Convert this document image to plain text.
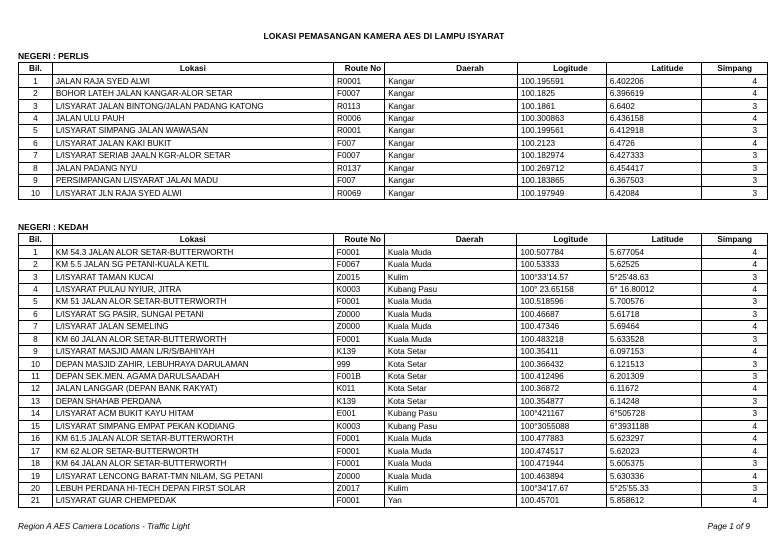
LOKASI PEMASANGAN KAMERA AES DI LAMPU ISYARAT
NEGERI : PERLIS
Bil.	Lokasi	Route No	Daerah	Logitude	Latitude	Simpang
1	JALAN RAJA SYED ALWI	R0001	Kangar	100.195591	6.402206	4
2	BOHOR LATEH JALAN KANGAR-ALOR SETAR	F0007	Kangar	100.1825	6.396619	4
3	L/ISYARAT JALAN BINTONG/JALAN PADANG KATONG	R0113	Kangar	100.1861	6.6402	3
4	JALAN ULU PAUH	R0006	Kangar	100.300863	6.436158	4
5	L/ISYARAT SIMPANG JALAN WAWASAN	R0001	Kangar	100.199561	6.412918	3
6	L/ISYARAT JALAN KAKI BUKIT	F007	Kangar	100.2123	6.4726	4
7	L/ISYARAT SERIAB JAALN KGR-ALOR SETAR	F0007	Kangar	100.182974	6.427333	3
8	JALAN PADANG NYU	R0137	Kangar	100.269712	6.454417	3
9	PERSIMPANGAN L/ISYARAT JALAN MADU	F007	Kangar	100.183865	6.367503	3
10	L/ISYARAT JLN RAJA SYED ALWI	R0069	Kangar	100.197949	6.42084	3
NEGERI : KEDAH
Bil.	Lokasi	Route No	Daerah	Logitude	Latitude	Simpang
1	KM 54.3 JALAN ALOR SETAR-BUTTERWORTH	F0001	Kuala Muda	100.507784	5.677054	4
2	KM 5.5 JALAN SG PETANI-KUALA KETIL	F0067	Kuala Muda	100.53333	5.62525	4
3	L/ISYARAT TAMAN KUCAI	Z0015	Kulim	100°33'14.57	5°25'48.63	3
4	L/ISYARAT PULAU NYIUR, JITRA	K0003	Kubang Pasu	100° 23.65158	6° 16.80012	4
5	KM 51 JALAN ALOR SETAR-BUTTERWORTH	F0001	Kuala Muda	100.518596	5.700576	3
6	L/ISYARAT SG PASIR, SUNGAI PETANI	Z0000	Kuala Muda	100.46687	5.61718	3
7	L/ISYARAT JALAN SEMELING	Z0000	Kuala Muda	100.47346	5.69464	4
8	KM 60 JALAN ALOR SETAR-BUTTERWORTH	F0001	Kuala Muda	100.483218	5.633528	3
9	L/ISYARAT MASJID AMAN L/R/S/BAHIYAH	K139	Kota Setar	100.35411	6.097153	4
10	DEPAN MASJID ZAHIR, LEBUHRAYA DARULAMAN	999	Kota Setar	100.366432	6.121513	3
11	DEPAN SEK.MEN. AGAMA DARULSAADAH	F001B	Kota Setar	100.412496	6.201309	3
12	JALAN LANGGAR (DEPAN BANK RAKYAT)	K011	Kota Setar	100.36872	6.11672	4
13	DEPAN SHAHAB PERDANA	K139	Kota Setar	100.354877	6.14248	3
14	L/ISYARAT ACM BUKIT KAYU HITAM	E001	Kubang Pasu	100°421167	6°505728	3
15	L/ISYARAT SIMPANG EMPAT PEKAN KODIANG	K0003	Kubang Pasu	100°3055088	6°3931188	4
16	KM 61.5 JALAN ALOR SETAR-BUTTERWORTH	F0001	Kuala Muda	100.477883	5.623297	4
17	KM 62 ALOR SETAR-BUTTERWORTH	F0001	Kuala Muda	100.474517	5.62023	4
18	KM 64 JALAN ALOR SETAR-BUTTERWORTH	F0001	Kuala Muda	100.471944	5.605375	3
19	L/ISYARAT LENCONG BARAT-TMN NILAM, SG PETANI	Z0000	Kuala Muda	100.463894	5.630336	4
20	LEBUH PERDANA HI-TECH DEPAN FIRST SOLAR	Z0017	Kulim	100°34'17.67	5°25'55.33	3
21	L/ISYARAT GUAR CHEMPEDAK	F0001	Yan	100.45701	5.858612	4
Region A AES Camera Locations - Traffic Light	Page 1 of 9
